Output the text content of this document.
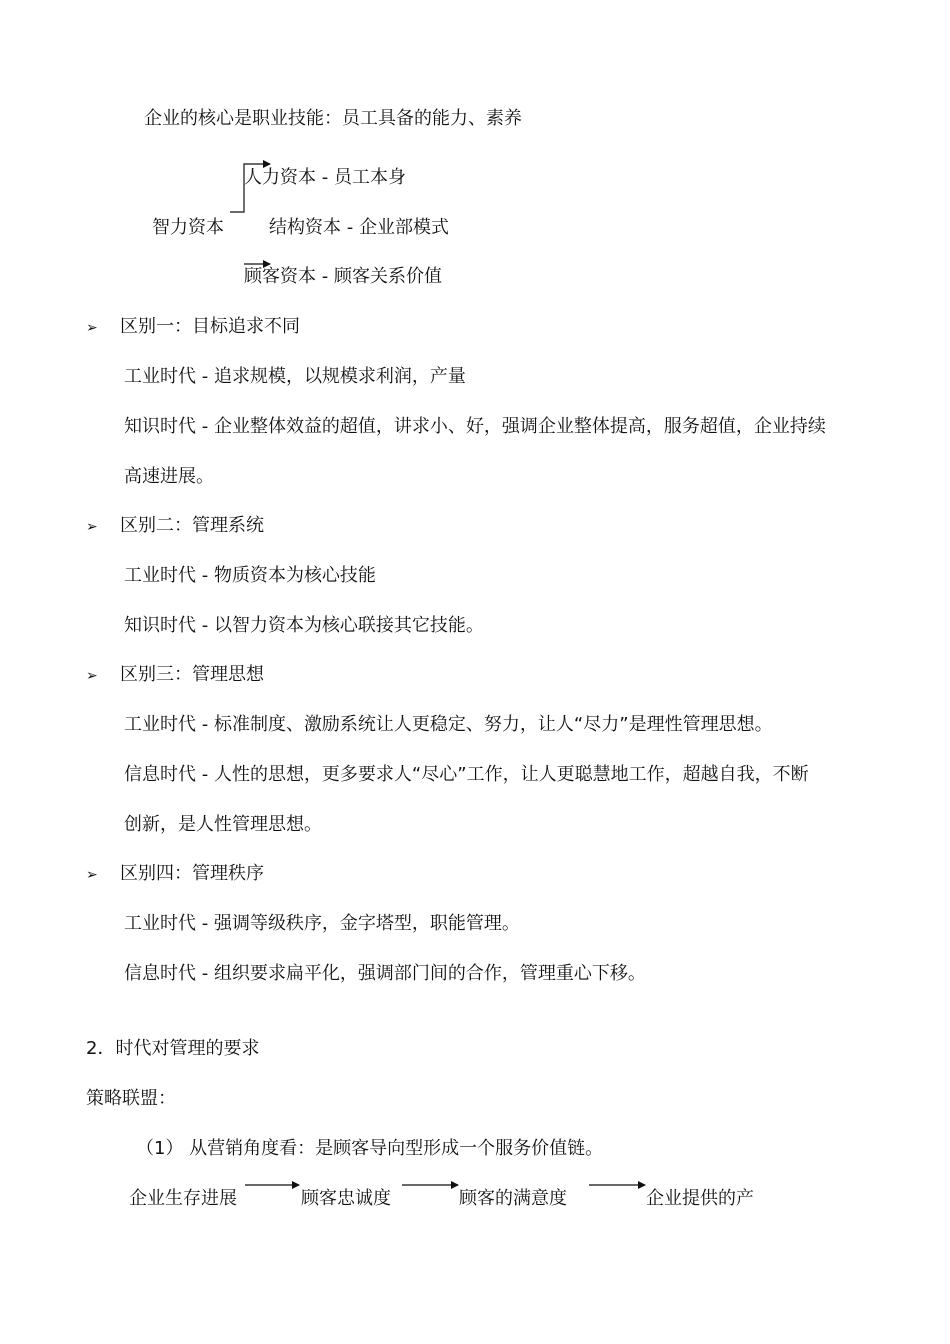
企业的核心是职业技能：员工具备的能力、素养
智力资本
人力资本 - 员工本身
结构资本 - 企业部模式
顾客资本 - 顾客关系价值
➢ 区别一：目标追求不同
工业时代 - 追求规模，以规模求利润，产量
知识时代 - 企业整体效益的超值，讲求小、好，强调企业整体提高，服务超值，企业持续
高速进展。
➢ 区别二：管理系统
工业时代 - 物质资本为核心技能
知识时代 - 以智力资本为核心联接其它技能。
➢ 区别三：管理思想
工业时代 - 标准制度、激励系统让人更稳定、努力，让人“尽力”是理性管理思想。
信息时代 - 人性的思想，更多要求人“尽心”工作，让人更聪慧地工作，超越自我，不断
创新，是人性管理思想。
➢ 区别四：管理秩序
工业时代 - 强调等级秩序，金字塔型，职能管理。
信息时代 - 组织要求扁平化，强调部门间的合作，管理重心下移。
2．时代对管理的要求
策略联盟：
（1） 从营销角度看：是顾客导向型形成一个服务价值链。
企业生存进展	顾客忠诚度	顾客的满意度	企业提供的产
